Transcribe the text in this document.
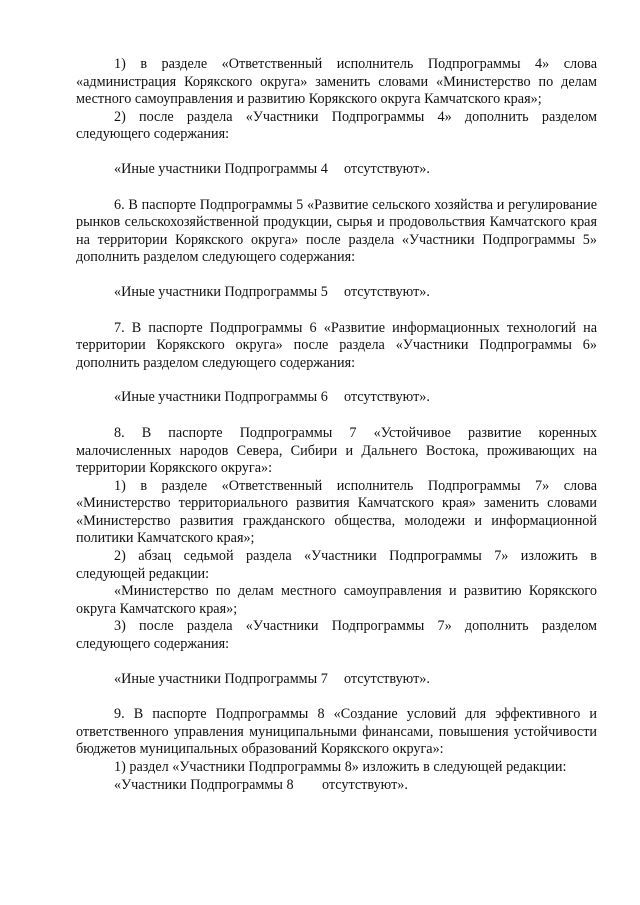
1) в разделе «Ответственный исполнитель Подпрограммы 4» слова «администрация Корякского округа» заменить словами «Министерство по делам местного самоуправления и развитию Корякского округа Камчатского края»;

2) после раздела «Участники Подпрограммы 4» дополнить разделом следующего содержания:

«Иные участники Подпрограммы 4	отсутствуют».

6. В паспорте Подпрограммы 5 «Развитие сельского хозяйства и регулирование рынков сельскохозяйственной продукции, сырья и продовольствия Камчатского края на территории Корякского округа» после раздела «Участники Подпрограммы 5» дополнить разделом следующего содержания:

«Иные участники Подпрограммы 5	отсутствуют».

7. В паспорте Подпрограммы 6 «Развитие информационных технологий на территории Корякского округа» после раздела «Участники Подпрограммы 6» дополнить разделом следующего содержания:

«Иные участники Подпрограммы 6	отсутствуют».

8. В паспорте Подпрограммы 7 «Устойчивое развитие коренных малочисленных народов Севера, Сибири и Дальнего Востока, проживающих на территории Корякского округа»:

1) в разделе «Ответственный исполнитель Подпрограммы 7» слова «Министерство территориального развития Камчатского края» заменить словами «Министерство развития гражданского общества, молодежи и информационной политики Камчатского края»;

2) абзац седьмой раздела «Участники Подпрограммы 7» изложить в следующей редакции:

«Министерство по делам местного самоуправления и развитию Корякского округа Камчатского края»;

3) после раздела «Участники Подпрограммы 7» дополнить разделом следующего содержания:

«Иные участники Подпрограммы 7	отсутствуют».

9. В паспорте Подпрограммы 8 «Создание условий для эффективного и ответственного управления муниципальными финансами, повышения устойчивости бюджетов муниципальных образований Корякского округа»:

1) раздел «Участники Подпрограммы 8» изложить в следующей редакции:

«Участники Подпрограммы 8	отсутствуют».
